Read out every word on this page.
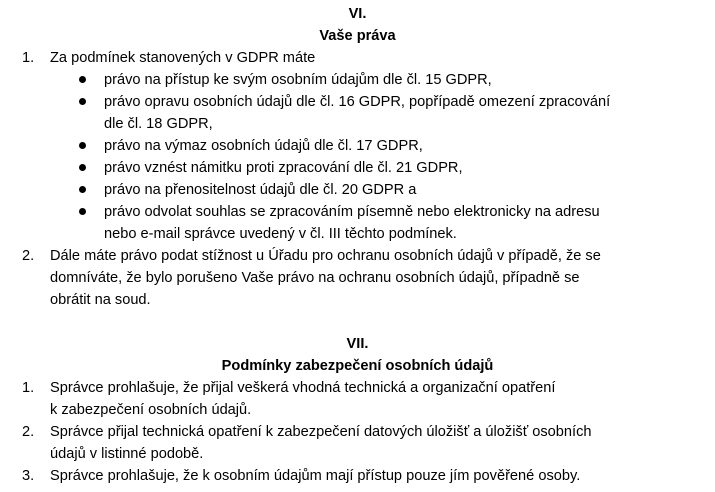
VI.
Vaše práva
1. Za podmínek stanovených v GDPR máte
právo na přístup ke svým osobním údajům dle čl. 15 GDPR,
právo opravu osobních údajů dle čl. 16 GDPR, popřípadě omezení zpracování
dle čl. 18 GDPR,
právo na výmaz osobních údajů dle čl. 17 GDPR,
právo vznést námitku proti zpracování dle čl. 21 GDPR,
právo na přenositelnost údajů dle čl. 20 GDPR a
právo odvolat souhlas se zpracováním písemně nebo elektronicky na adresu
nebo e-mail správce uvedený v čl. III těchto podmínek.
2. Dále máte právo podat stížnost u Úřadu pro ochranu osobních údajů v případě, že se
domníváte, že bylo porušeno Vaše právo na ochranu osobních údajů, případně se
obrátit na soud.
VII.
Podmínky zabezpečení osobních údajů
1. Správce prohlašuje, že přijal veškerá vhodná technická a organizační opatření
k zabezpečení osobních údajů.
2. Správce přijal technická opatření k zabezpečení datových úložišť a úložišť osobních
údajů v listinné podobě.
3. Správce prohlašuje, že k osobním údajům mají přístup pouze jím pověřené osoby.
